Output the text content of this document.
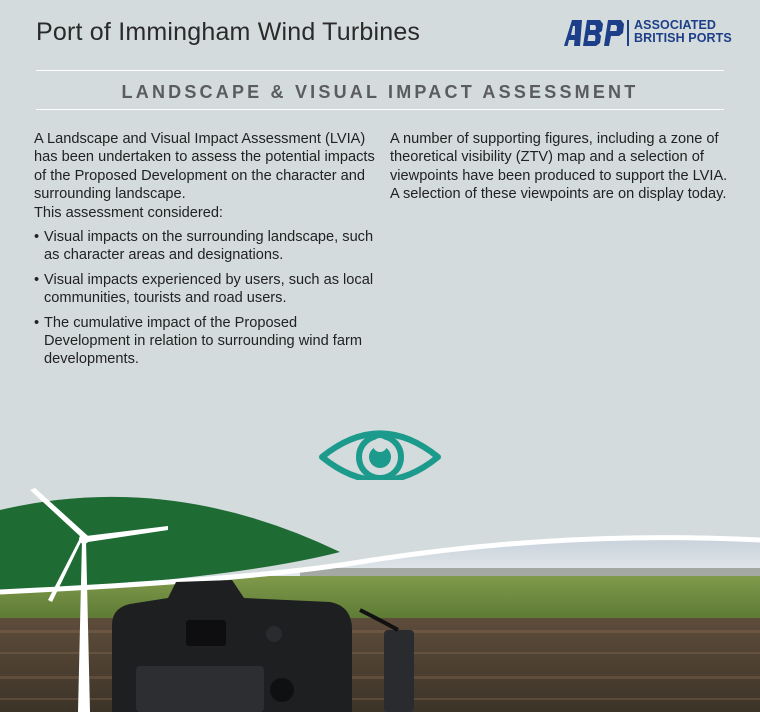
Port of Immingham Wind Turbines	ASSOCIATED
BRITISH PORTS
LANDSCAPE & VISUAL IMPACT ASSESSMENT

A Landscape and Visual Impact Assessment (LVIA) has been undertaken to assess the potential impacts of the Proposed Development on the character and surrounding landscape.

This assessment considered:

• Visual impacts on the surrounding landscape, such as character areas and designations.
• Visual impacts experienced by users, such as local communities, tourists and road users.
• The cumulative impact of the Proposed Development in relation to surrounding wind farm developments.

A number of supporting figures, including a zone of theoretical visibility (ZTV) map and a selection of viewpoints have been produced to support the LVIA. A selection of these viewpoints are on display today.
